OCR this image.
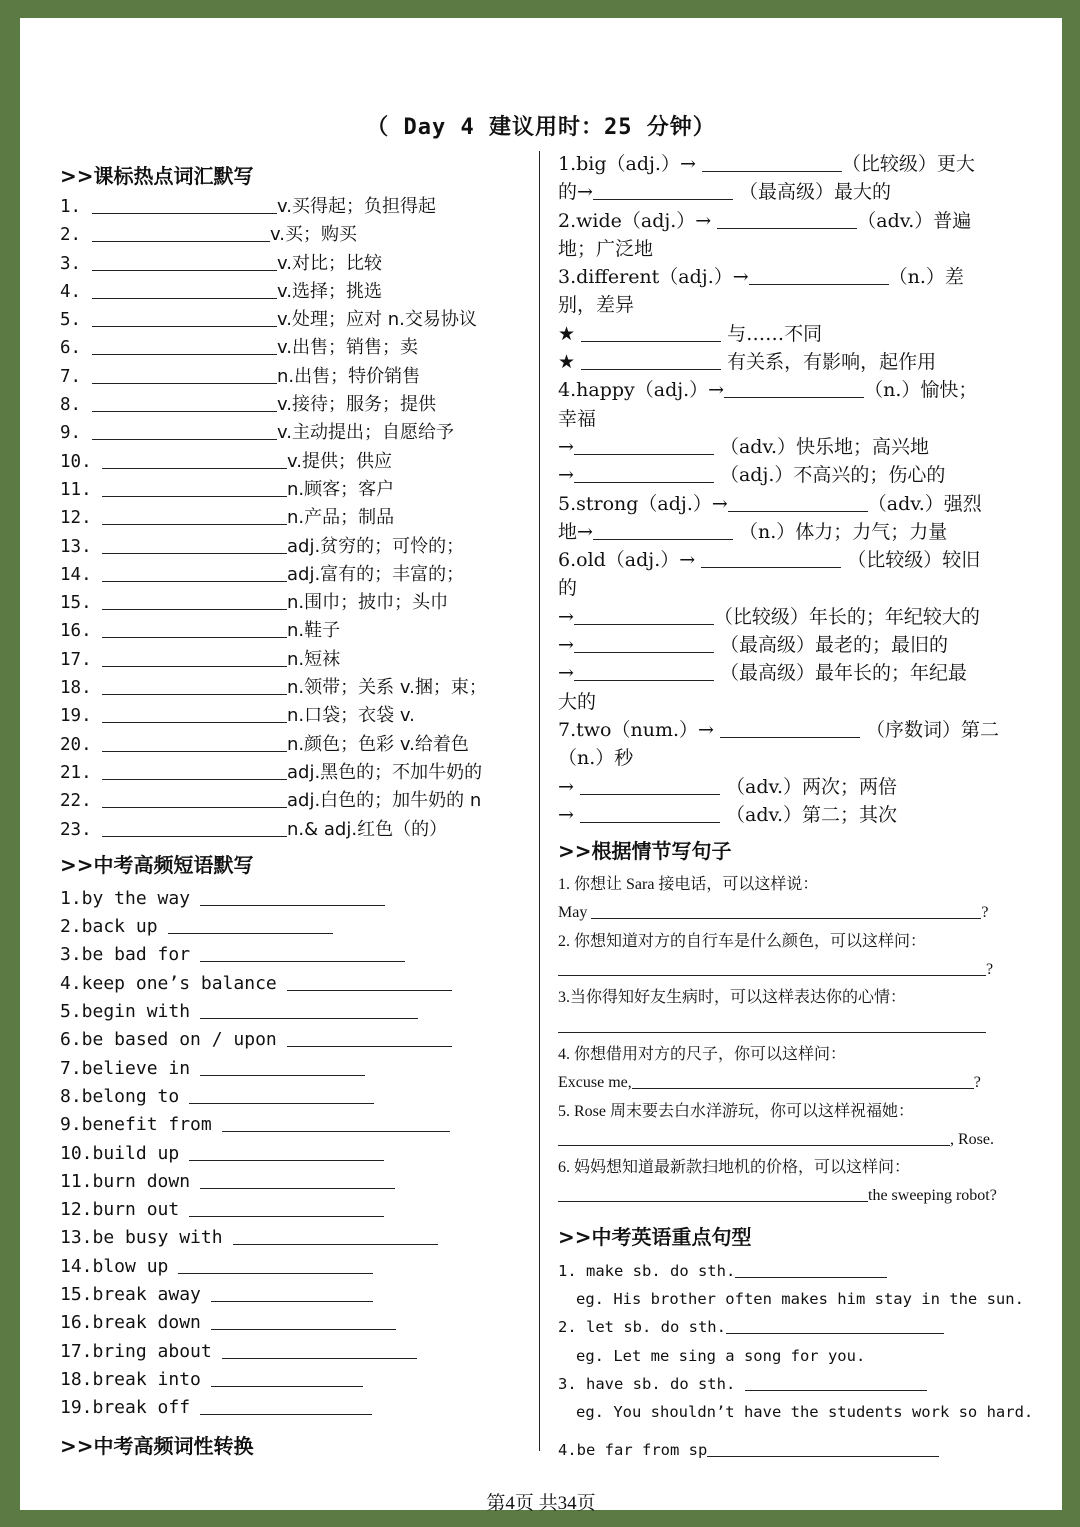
（ Day 4 建议用时：25 分钟）
>>课标热点词汇默写
1.	v.买得起；负担得起
2.	v.买；购买
3.	v.对比；比较
4.	v.选择；挑选
5.	v.处理；应对 n.交易协议
6.	v.出售；销售；卖
7.	n.出售；特价销售
8.	v.接待；服务；提供
9.	v.主动提出；自愿给予
10.	v.提供；供应
11.	n.顾客；客户
12.	n.产品；制品
13.	adj.贫穷的；可怜的；
14.	adj.富有的；丰富的；
15.	n.围巾；披巾；头巾
16.	n.鞋子
17.	n.短袜
18.	n.领带；关系 v.捆；束；
19.	n.口袋；衣袋 v.
20.	n.颜色；色彩 v.给着色
21.	adj.黑色的；不加牛奶的
22.	adj.白色的；加牛奶的 n
23.	n.& adj.红色（的）
>>中考高频短语默写
1.by the way
2.back up
3.be bad for
4.keep one’s balance
5.begin with
6.be based on / upon
7.believe in
8.belong to
9.benefit from
10.build up
11.burn down
12.burn out
13.be busy with
14.blow up
15.break away
16.break down
17.bring about
18.break into
19.break off
>>中考高频词性转换
1.big（adj.）→	（比较级）更大
的→	（最高级）最大的
2.wide（adj.）→	（adv.）普遍
地；广泛地
3.different（adj.）→	（n.）差
别，差异
★	与……不同
★	有关系，有影响，起作用
4.happy（adj.）→	（n.）愉快；
幸福
→	（adv.）快乐地；高兴地
→	（adj.）不高兴的；伤心的
5.strong（adj.）→	（adv.）强烈
地→	（n.）体力；力气；力量
6.old（adj.）→	（比较级）较旧
的
→	（比较级）年长的；年纪较大的
→	（最高级）最老的；最旧的
→	（最高级）最年长的；年纪最
大的
7.two（num.）→	（序数词）第二
（n.）秒
→	（adv.）两次；两倍
→	（adv.）第二；其次
>>根据情节写句子
1. 你想让 Sara 接电话，可以这样说：
May	?
2. 你想知道对方的自行车是什么颜色，可以这样问：
?
3.当你得知好友生病时，可以这样表达你的心情：
4. 你想借用对方的尺子，你可以这样问：
Excuse me,	?
5. Rose 周末要去白水洋游玩，你可以这样祝福她：
, Rose.
6. 妈妈想知道最新款扫地机的价格，可以这样问：
the sweeping robot?
>>中考英语重点句型
1. make sb. do sth.
eg. His brother often makes him stay in the sun.
2. let sb. do sth.
eg. Let me sing a song for you.
3. have sb. do sth.
eg. You shouldn’t have the students work so hard.
4.be far from sp
第4页 共34页
